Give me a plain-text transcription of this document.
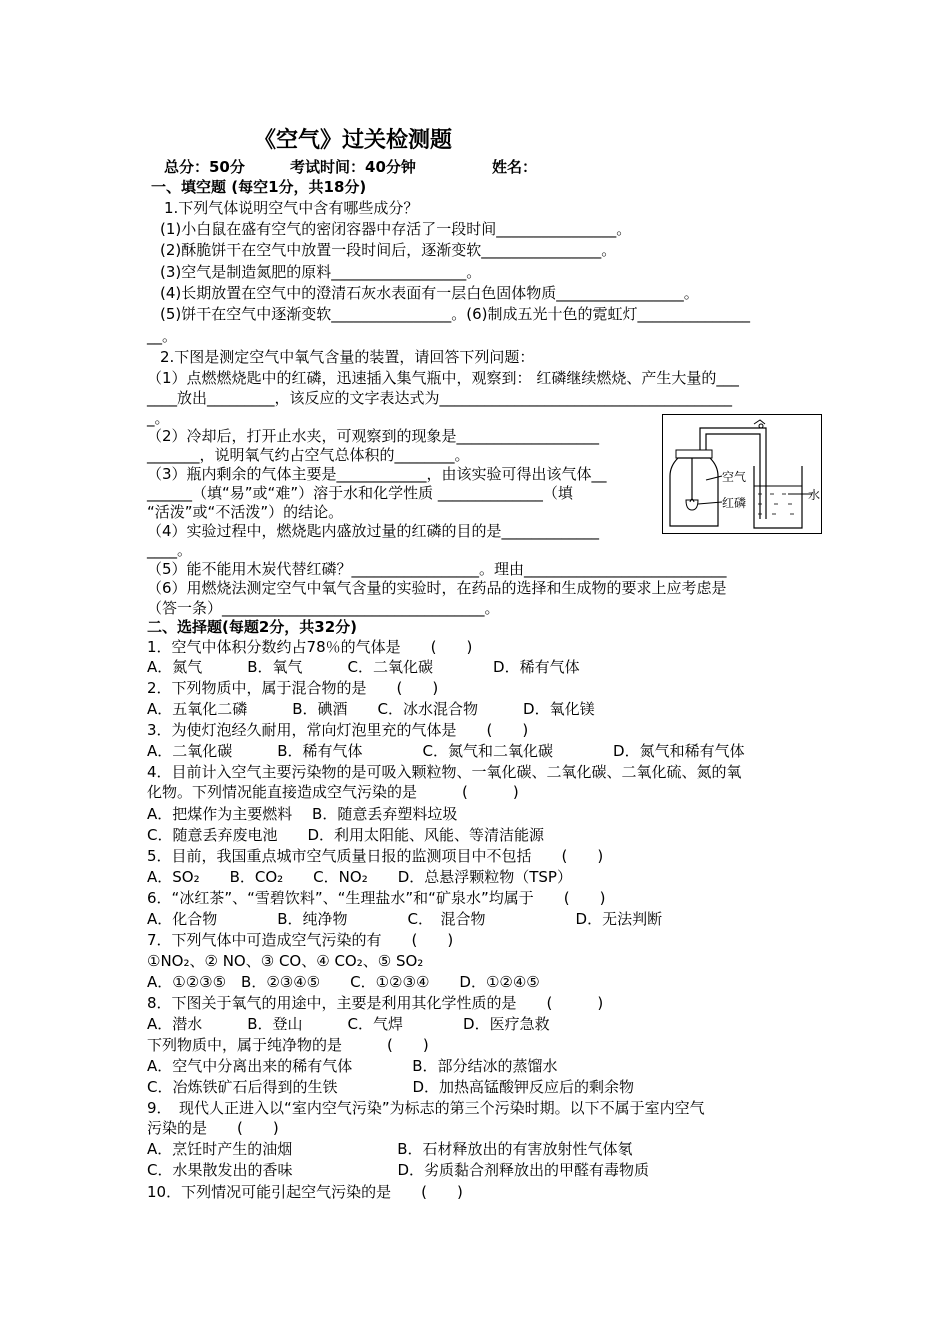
《空气》过关检测题
总分：50分	考试时间：40分钟	姓名：
一、填空题 (每空1分，共18分)
1.下列气体说明空气中含有哪些成分？
(1)小白鼠在盛有空气的密闭容器中存活了一段时间________________。
(2)酥脆饼干在空气中放置一段时间后，逐渐变软________________。
(3)空气是制造氮肥的原料__________________。
(4)长期放置在空气中的澄清石灰水表面有一层白色固体物质_________________。
(5)饼干在空气中逐渐变软________________。(6)制成五光十色的霓虹灯_______________
__。
2.下图是测定空气中氧气含量的装置，请回答下列问题：
（1）点燃燃烧匙中的红磷，迅速插入集气瓶中，观察到： 红磷继续燃烧、产生大量的___
____放出_________，该反应的文字表达式为_______________________________________
_。
（2）冷却后，打开止水夹，可观察到的现象是___________________
_______，说明氧气约占空气总体积的________。
（3）瓶内剩余的气体主要是____________，由该实验可得出该气体__
______（填“易”或“难”）溶于水和化学性质 ______________（填
“活泼”或“不活泼”）的结论。
（4）实验过程中，燃烧匙内盛放过量的红磷的目的是_____________
____。
（5）能不能用木炭代替红磷？_________________。理由___________________________
（6）用燃烧法测定空气中氧气含量的实验时，在药品的选择和生成物的要求上应考虑是
（答一条）___________________________________。
空气
红磷
水
二、选择题(每题2分，共32分)
1．空气中体积分数约占78％的气体是　　(　　)
A．氮气　　　B．氧气　　　C．二氧化碳　　　　D．稀有气体
2．下列物质中，属于混合物的是　　(　　)
A．五氧化二磷　　　B．碘酒　　C．冰水混合物　　　D．氧化镁
3．为使灯泡经久耐用，常向灯泡里充的气体是　　(　　)
A．二氧化碳　　　B．稀有气体　　　　C．氮气和二氧化碳　　　　D．氮气和稀有气体
4．目前计入空气主要污染物的是可吸入颗粒物、一氧化碳、二氧化碳、二氧化硫、氮的氧
化物。下列情况能直接造成空气污染的是　　　(　　　)
A．把煤作为主要燃料　 B．随意丢弃塑料垃圾
C．随意丢弃废电池　　D．利用太阳能、风能、等清洁能源
5．目前，我国重点城市空气质量日报的监测项目中不包括　　(　　)
A．SO₂　　B．CO₂　　C．NO₂　　D．总悬浮颗粒物（TSP）
6．“冰红茶”、“雪碧饮料”、“生理盐水”和“矿泉水”均属于　　(　　)
A．化合物　　　　B．纯净物　　　　C．　混合物　　　　　　D．无法判断
7．下列气体中可造成空气污染的有　　(　　)
①NO₂、② NO、③ CO、④ CO₂、⑤ SO₂
A．①②③⑤　B．②③④⑤　　C．①②③④　　D．①②④⑤
8．下图关于氧气的用途中，主要是利用其化学性质的是　　(　　　)
A．潜水　　　B．登山　　　C．气焊　　　　D．医疗急救
下列物质中，属于纯净物的是　　　(　　)
A．空气中分离出来的稀有气体　　　　B．部分结冰的蒸馏水
C．冶炼铁矿石后得到的生铁　　　　　D．加热高锰酸钾反应后的剩余物
9．　现代人正进入以“室内空气污染”为标志的第三个污染时期。以下不属于室内空气
污染的是　　(　　)
A．烹饪时产生的油烟　　　　　　　B．石材释放出的有害放射性气体氡
C．水果散发出的香味　　　　　　　D．劣质黏合剂释放出的甲醛有毒物质
10．下列情况可能引起空气污染的是　　(　　)
